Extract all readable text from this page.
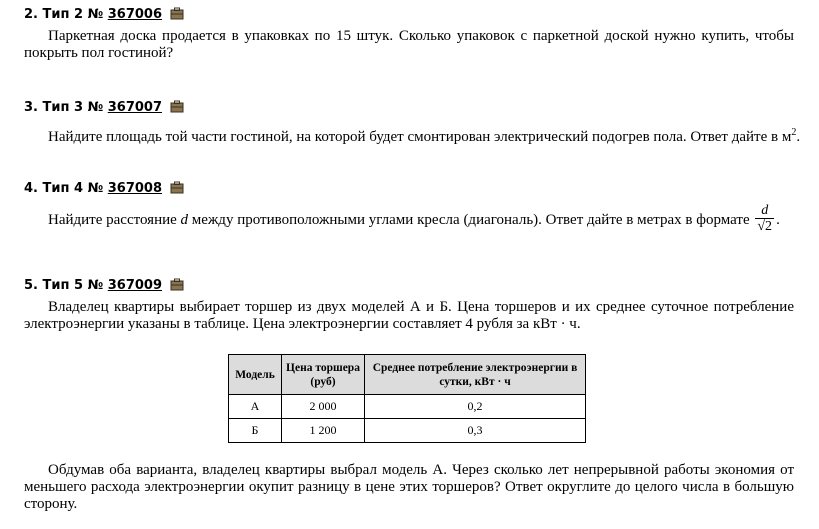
2. Тип 2 № 367006
Паркетная доска продается в упаковках по 15 штук. Сколько упаковок с паркетной доской нужно купить, чтобы покрыть пол гостиной?
3. Тип 3 № 367007
Найдите площадь той части гостиной, на которой будет смонтирован электрический подогрев пола. Ответ дайте в $м^2$.
4. Тип 4 № 367008
Найдите расстояние d между противоположными углами кресла (диагональ). Ответ дайте в метрах в формате $\frac{d}{√2}$ .
5. Тип 5 № 367009
Владелец квартиры выбирает торшер из двух моделей А и Б. Цена торшеров и их среднее суточное потребление электроэнергии указаны в таблице. Цена электроэнергии составляет 4 рубля за кВт · ч.
Модель	Цена торшера (руб)	Среднее потребление электроэнергии в сутки, кВт · ч
А	2 000	0,2
Б	1 200	0,3
Обдумав оба варианта, владелец квартиры выбрал модель А. Через сколько лет непрерывной работы экономия от меньшего расхода электроэнергии окупит разницу в цене этих торшеров? Ответ округлите до целого числа в большую сторону.
